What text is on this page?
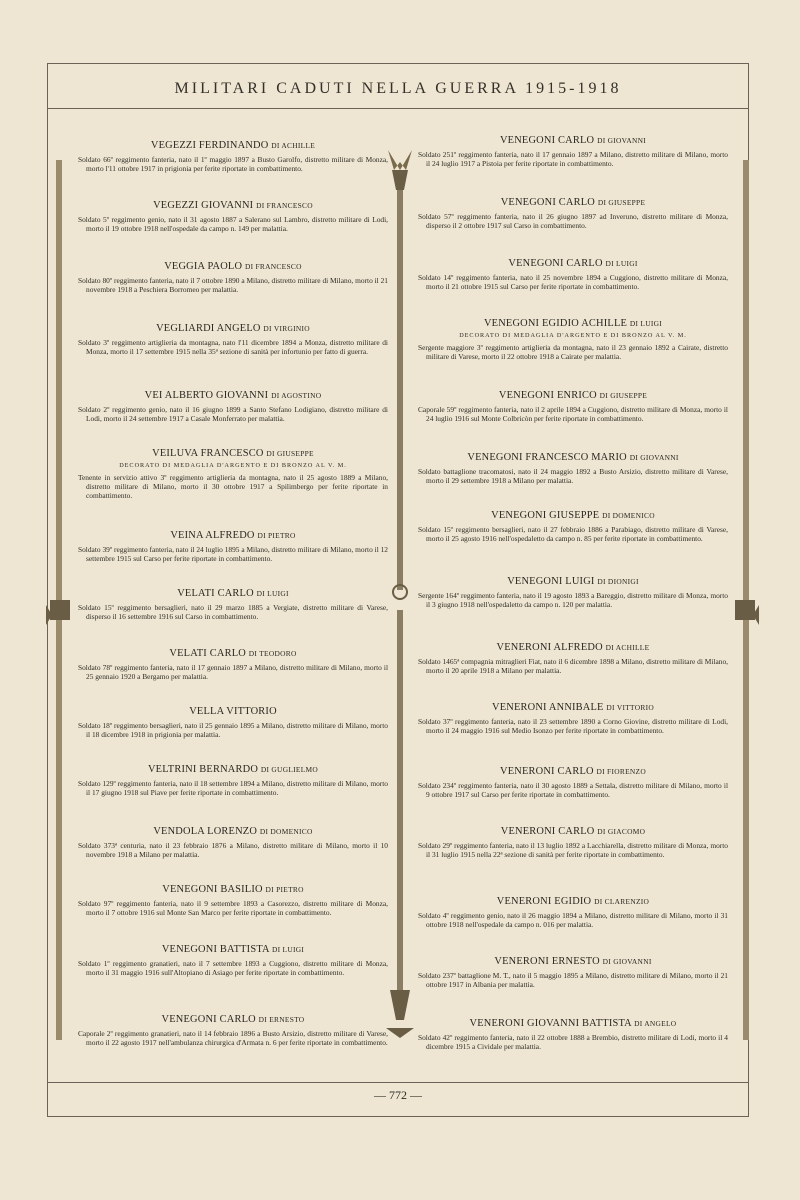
MILITARI CADUTI NELLA GUERRA 1915-1918
VEGEZZI FERDINANDO DI ACHILLE
Soldato 66º reggimento fanteria, nato il 1º maggio 1897 a Busto Garolfo, distretto militare di Monza, morto l'11 ottobre 1917 in prigionia per ferite riportate in combattimento.
VEGEZZI GIOVANNI DI FRANCESCO
Soldato 5º reggimento genio, nato il 31 agosto 1887 a Salerano sul Lambro, distretto militare di Lodi, morto il 19 ottobre 1918 nell'ospedale da campo n. 149 per malattia.
VEGGIA PAOLO DI FRANCESCO
Soldato 80º reggimento fanteria, nato il 7 ottobre 1890 a Milano, distretto militare di Milano, morto il 21 novembre 1918 a Peschiera Borromeo per malattia.
VEGLIARDI ANGELO DI VIRGINIO
Soldato 3º reggimento artiglieria da montagna, nato l'11 dicembre 1894 a Monza, distretto militare di Monza, morto il 17 settembre 1915 nella 35ª sezione di sanità per infortunio per fatto di guerra.
VEI ALBERTO GIOVANNI DI AGOSTINO
Soldato 2º reggimento genio, nato il 16 giugno 1899 a Santo Stefano Lodigiano, distretto militare di Lodi, morto il 24 settembre 1917 a Casale Monferrato per malattia.
VEILUVA FRANCESCO DI GIUSEPPE
DECORATO DI MEDAGLIA D'ARGENTO E DI BRONZO AL V. M.
Tenente in servizio attivo 3º reggimento artiglieria da montagna, nato il 25 agosto 1889 a Milano, distretto militare di Milano, morto il 30 ottobre 1917 a Spilimbergo per ferite riportate in combattimento.
VEINA ALFREDO DI PIETRO
Soldato 39º reggimento fanteria, nato il 24 luglio 1895 a Milano, distretto militare di Milano, morto il 12 settembre 1915 sul Carso per ferite riportate in combattimento.
VELATI CARLO DI LUIGI
Soldato 15º reggimento bersaglieri, nato il 29 marzo 1885 a Vergiate, distretto militare di Varese, disperso il 16 settembre 1916 sul Carso in combattimento.
VELATI CARLO DI TEODORO
Soldato 78º reggimento fanteria, nato il 17 gennaio 1897 a Milano, distretto militare di Milano, morto il 25 gennaio 1920 a Bergamo per malattia.
VELLA VITTORIO
Soldato 18º reggimento bersaglieri, nato il 25 gennaio 1895 a Milano, distretto militare di Milano, morto il 18 dicembre 1918 in prigionia per malattia.
VELTRINI BERNARDO DI GUGLIELMO
Soldato 129º reggimento fanteria, nato il 18 settembre 1894 a Milano, distretto militare di Milano, morto il 17 giugno 1918 sul Piave per ferite riportate in combattimento.
VENDOLA LORENZO DI DOMENICO
Soldato 373ª centuria, nato il 23 febbraio 1876 a Milano, distretto militare di Milano, morto il 10 novembre 1918 a Milano per malattia.
VENEGONI BASILIO DI PIETRO
Soldato 97º reggimento fanteria, nato il 9 settembre 1893 a Casorezzo, distretto militare di Monza, morto il 7 ottobre 1916 sul Monte San Marco per ferite riportate in combattimento.
VENEGONI BATTISTA DI LUIGI
Soldato 1º reggimento granatieri, nato il 7 settembre 1893 a Cuggiono, distretto militare di Monza, morto il 31 maggio 1916 sull'Altopiano di Asiago per ferite riportate in combattimento.
VENEGONI CARLO DI ERNESTO
Caporale 2º reggimento granatieri, nato il 14 febbraio 1896 a Busto Arsizio, distretto militare di Varese, morto il 22 agosto 1917 nell'ambulanza chirurgica d'Armata n. 6 per ferite riportate in combattimento.
VENEGONI CARLO DI GIOVANNI
Soldato 251º reggimento fanteria, nato il 17 gennaio 1897 a Milano, distretto militare di Milano, morto il 24 luglio 1917 a Pistoia per ferite riportate in combattimento.
VENEGONI CARLO DI GIUSEPPE
Soldato 57º reggimento fanteria, nato il 26 giugno 1897 ad Inveruno, distretto militare di Monza, disperso il 2 ottobre 1917 sul Carso in combattimento.
VENEGONI CARLO DI LUIGI
Soldato 14º reggimento fanteria, nato il 25 novembre 1894 a Cuggiono, distretto militare di Monza, morto il 21 ottobre 1915 sul Carso per ferite riportate in combattimento.
VENEGONI EGIDIO ACHILLE DI LUIGI
DECORATO DI MEDAGLIA D'ARGENTO E DI BRONZO AL V. M.
Sergente maggiore 3º reggimento artiglieria da montagna, nato il 23 gennaio 1892 a Cairate, distretto militare di Varese, morto il 22 ottobre 1918 a Cairate per malattia.
VENEGONI ENRICO DI GIUSEPPE
Caporale 59º reggimento fanteria, nato il 2 aprile 1894 a Cuggiono, distretto militare di Monza, morto il 24 luglio 1916 sul Monte Colbricòn per ferite riportate in combattimento.
VENEGONI FRANCESCO MARIO DI GIOVANNI
Soldato battaglione tracomatosi, nato il 24 maggio 1892 a Busto Arsizio, distretto militare di Varese, morto il 29 settembre 1918 a Milano per malattia.
VENEGONI GIUSEPPE DI DOMENICO
Soldato 15º reggimento bersaglieri, nato il 27 febbraio 1886 a Parabiago, distretto militare di Varese, morto il 25 agosto 1916 nell'ospedaletto da campo n. 85 per ferite riportate in combattimento.
VENEGONI LUIGI DI DIONIGI
Sergente 164º reggimento fanteria, nato il 19 agosto 1893 a Bareggio, distretto militare di Monza, morto il 3 giugno 1918 nell'ospedaletto da campo n. 120 per malattia.
VENERONI ALFREDO DI ACHILLE
Soldato 1465ª compagnia mitraglieri Fiat, nato il 6 dicembre 1898 a Milano, distretto militare di Milano, morto il 20 aprile 1918 a Milano per malattia.
VENERONI ANNIBALE DI VITTORIO
Soldato 37º reggimento fanteria, nato il 23 settembre 1890 a Corno Giovine, distretto militare di Lodi, morto il 24 maggio 1916 sul Medio Isonzo per ferite riportate in combattimento.
VENERONI CARLO DI FIORENZO
Soldato 234º reggimento fanteria, nato il 30 agosto 1889 a Settala, distretto militare di Milano, morto il 9 ottobre 1917 sul Carso per ferite riportate in combattimento.
VENERONI CARLO DI GIACOMO
Soldato 29º reggimento fanteria, nato il 13 luglio 1892 a Lacchiarella, distretto militare di Monza, morto il 31 luglio 1915 nella 22ª sezione di sanità per ferite riportate in combattimento.
VENERONI EGIDIO DI CLARENZIO
Soldato 4º reggimento genio, nato il 26 maggio 1894 a Milano, distretto militare di Milano, morto il 31 ottobre 1918 nell'ospedale da campo n. 016 per malattia.
VENERONI ERNESTO DI GIOVANNI
Soldato 237º battaglione M. T., nato il 5 maggio 1895 a Milano, distretto militare di Milano, morto il 21 ottobre 1917 in Albania per malattia.
VENERONI GIOVANNI BATTISTA DI ANGELO
Soldato 42º reggimento fanteria, nato il 22 ottobre 1888 a Brembio, distretto militare di Lodi, morto il 4 dicembre 1915 a Cividale per malattia.
— 772 —
